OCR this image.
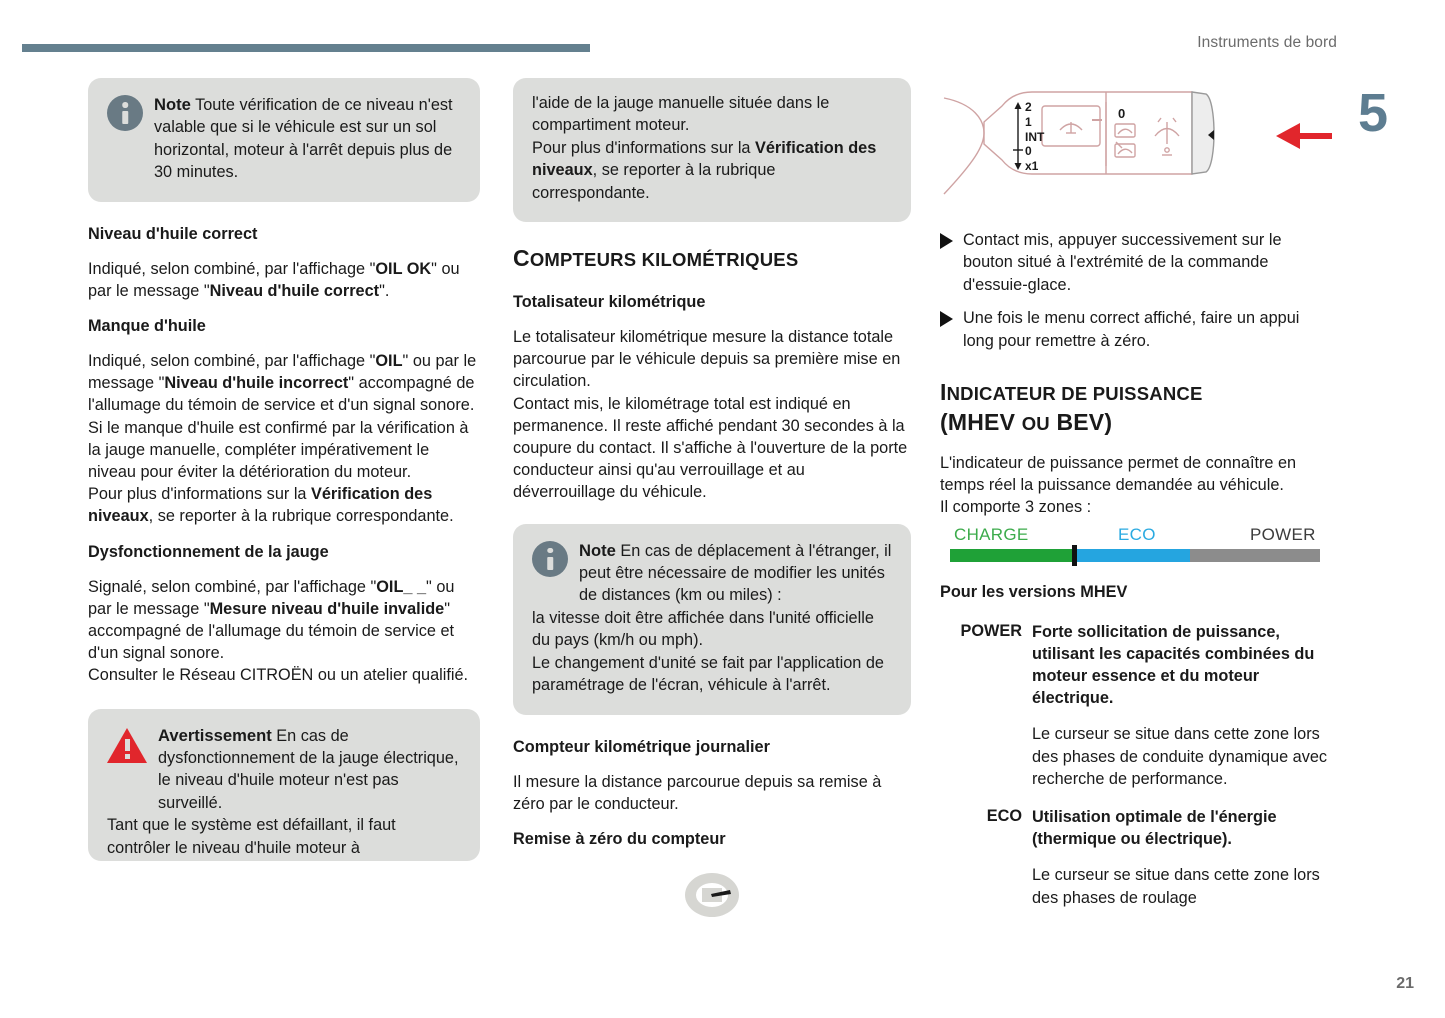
Instruments de bord
5
21
Note Toute vérification de ce niveau n'est valable que si le véhicule est sur un sol horizontal, moteur à l'arrêt depuis plus de 30 minutes.
Niveau d'huile correct

Indiqué, selon combiné, par l'affichage "OIL OK" ou par le message "Niveau d'huile correct".

Manque d'huile

Indiqué, selon combiné, par l'affichage "OIL" ou par le message "Niveau d'huile incorrect" accompagné de l'allumage du témoin de service et d'un signal sonore.

Si le manque d'huile est confirmé par la vérification à la jauge manuelle, compléter impérativement le niveau pour éviter la détérioration du moteur.

Pour plus d'informations sur la Vérification des niveaux, se reporter à la rubrique correspondante.

Dysfonctionnement de la jauge

Signalé, selon combiné, par l'affichage "OIL_ _" ou par le message "Mesure niveau d'huile invalide" accompagné de l'allumage du témoin de service et d'un signal sonore.

Consulter le Réseau CITROËN ou un atelier qualifié.

Avertissement En cas de dysfonctionnement de la jauge électrique, le niveau d'huile moteur n'est pas surveillé.
Tant que le système est défaillant, il faut contrôler le niveau d'huile moteur à
l'aide de la jauge manuelle située dans le compartiment moteur.
Pour plus d'informations sur la Vérification des niveaux, se reporter à la rubrique correspondante.
COMPTEURS KILOMÉTRIQUES
Totalisateur kilométrique

Le totalisateur kilométrique mesure la distance totale parcourue par le véhicule depuis sa première mise en circulation.

Contact mis, le kilométrage total est indiqué en permanence. Il reste affiché pendant 30 secondes à la coupure du contact. Il s'affiche à l'ouverture de la porte conducteur ainsi qu'au verrouillage et au déverrouillage du véhicule.

Note En cas de déplacement à l'étranger, il peut être nécessaire de modifier les unités de distances (km ou miles) :
la vitesse doit être affichée dans l'unité officielle du pays (km/h ou mph).
Le changement d'unité se fait par l'application de paramétrage de l'écran, véhicule à l'arrêt.
Compteur kilométrique journalier

Il mesure la distance parcourue depuis sa remise à zéro par le conducteur.

Remise à zéro du compteur
2
1
INT
0
x1
0
Contact mis, appuyer successivement sur le bouton situé à l'extrémité de la commande d'essuie-glace.
Une fois le menu correct affiché, faire un appui long pour remettre à zéro.
INDICATEUR DE PUISSANCE
(MHEV OU BEV)

L'indicateur de puissance permet de connaître en temps réel la puissance demandée au véhicule.

Il comporte 3 zones :

CHARGE	ECO	POWER
Pour les versions MHEV
POWER Forte sollicitation de puissance, utilisant les capacités combinées du moteur essence et du moteur électrique.
Le curseur se situe dans cette zone lors des phases de conduite dynamique avec recherche de performance.
ECO Utilisation optimale de l'énergie (thermique ou électrique).
Le curseur se situe dans cette zone lors des phases de roulage
